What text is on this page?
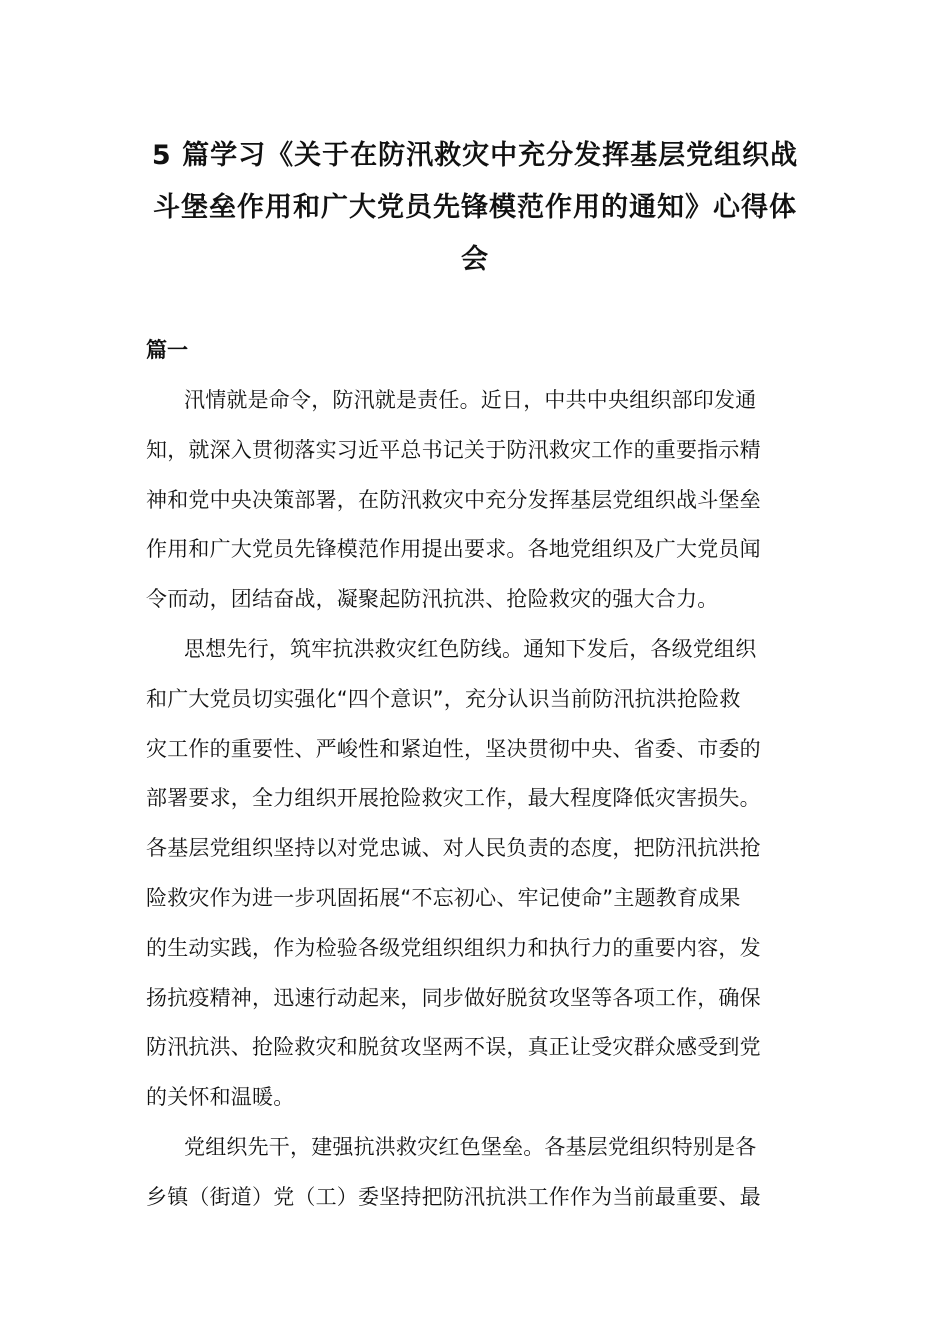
5 篇学习《关于在防汛救灾中充分发挥基层党组织战
斗堡垒作用和广大党员先锋模范作用的通知》心得体
会
篇一
汛情就是命令，防汛就是责任。近日，中共中央组织部印发通
知，就深入贯彻落实习近平总书记关于防汛救灾工作的重要指示精
神和党中央决策部署，在防汛救灾中充分发挥基层党组织战斗堡垒
作用和广大党员先锋模范作用提出要求。各地党组织及广大党员闻
令而动，团结奋战，凝聚起防汛抗洪、抢险救灾的强大合力。
思想先行，筑牢抗洪救灾红色防线。通知下发后，各级党组织
和广大党员切实强化“四个意识”，充分认识当前防汛抗洪抢险救
灾工作的重要性、严峻性和紧迫性，坚决贯彻中央、省委、市委的
部署要求，全力组织开展抢险救灾工作，最大程度降低灾害损失。
各基层党组织坚持以对党忠诚、对人民负责的态度，把防汛抗洪抢
险救灾作为进一步巩固拓展“不忘初心、牢记使命”主题教育成果
的生动实践，作为检验各级党组织组织力和执行力的重要内容，发
扬抗疫精神，迅速行动起来，同步做好脱贫攻坚等各项工作，确保
防汛抗洪、抢险救灾和脱贫攻坚两不误，真正让受灾群众感受到党
的关怀和温暖。
党组织先干，建强抗洪救灾红色堡垒。各基层党组织特别是各
乡镇（街道）党（工）委坚持把防汛抗洪工作作为当前最重要、最
